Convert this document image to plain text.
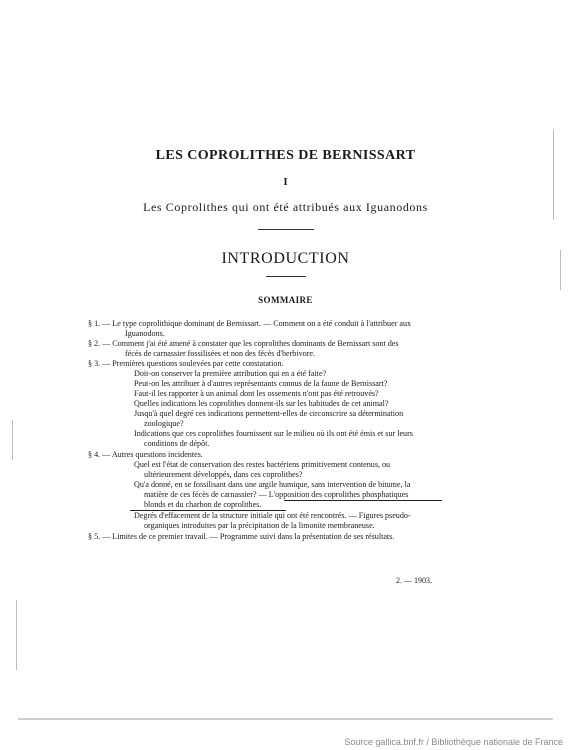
LES COPROLITHES DE BERNISSART
I
Les Coprolithes qui ont été attribués aux Iguanodons
INTRODUCTION
SOMMAIRE
§ 1. — Le type coprolithique dominant de Bernissart. — Comment on a été conduit à l'attribuer aux
Iguanodons.
§ 2. — Comment j'ai été amené à constater que les coprolithes dominants de Bernissart sont des
fécès de carnassier fossilisées et non des fécès d'herbivore.
§ 3. — Premières questions soulevées par cette constatation.
Doit-on conserver la première attribution qui en a été faite?
Peut-on les attribuer à d'autres représentants connus de la faune de Bernissart?
Faut-il les rapporter à un animal dont les ossements n'ont pas été retrouvés?
Quelles indications les coprolithes donnent-ils sur les habitudes de cet animal?
Jusqu'à quel degré ces indications permettent-elles de circonscrire sa détermination
zoologique?
Indications que ces coprolithes fournissent sur le milieu où ils ont été émis et sur leurs
conditions de dépôt.
§ 4. — Autres questions incidentes.
Quel est l'état de conservation des restes bactériens primitivement contenus, ou
ultérieurement développés, dans ces coprolithes?
Qu'a donné, en se fossilisant dans une argile humique, sans intervention de bitume, la
matière de ces fécès de carnassier? — L'opposition des coprolithes phosphatiques
blonds et du charbon de coprolithes.
Degrés d'effacement de la structure initiale qui ont été rencontrés. — Figures pseudo-
organiques introduites par la précipitation de la limonite membraneuse.
§ 5. — Limites de ce premier travail. — Programme suivi dans la présentation de ses résultats.
2. — 1903.
Source gallica.bnf.fr / Bibliothèque nationale de France
